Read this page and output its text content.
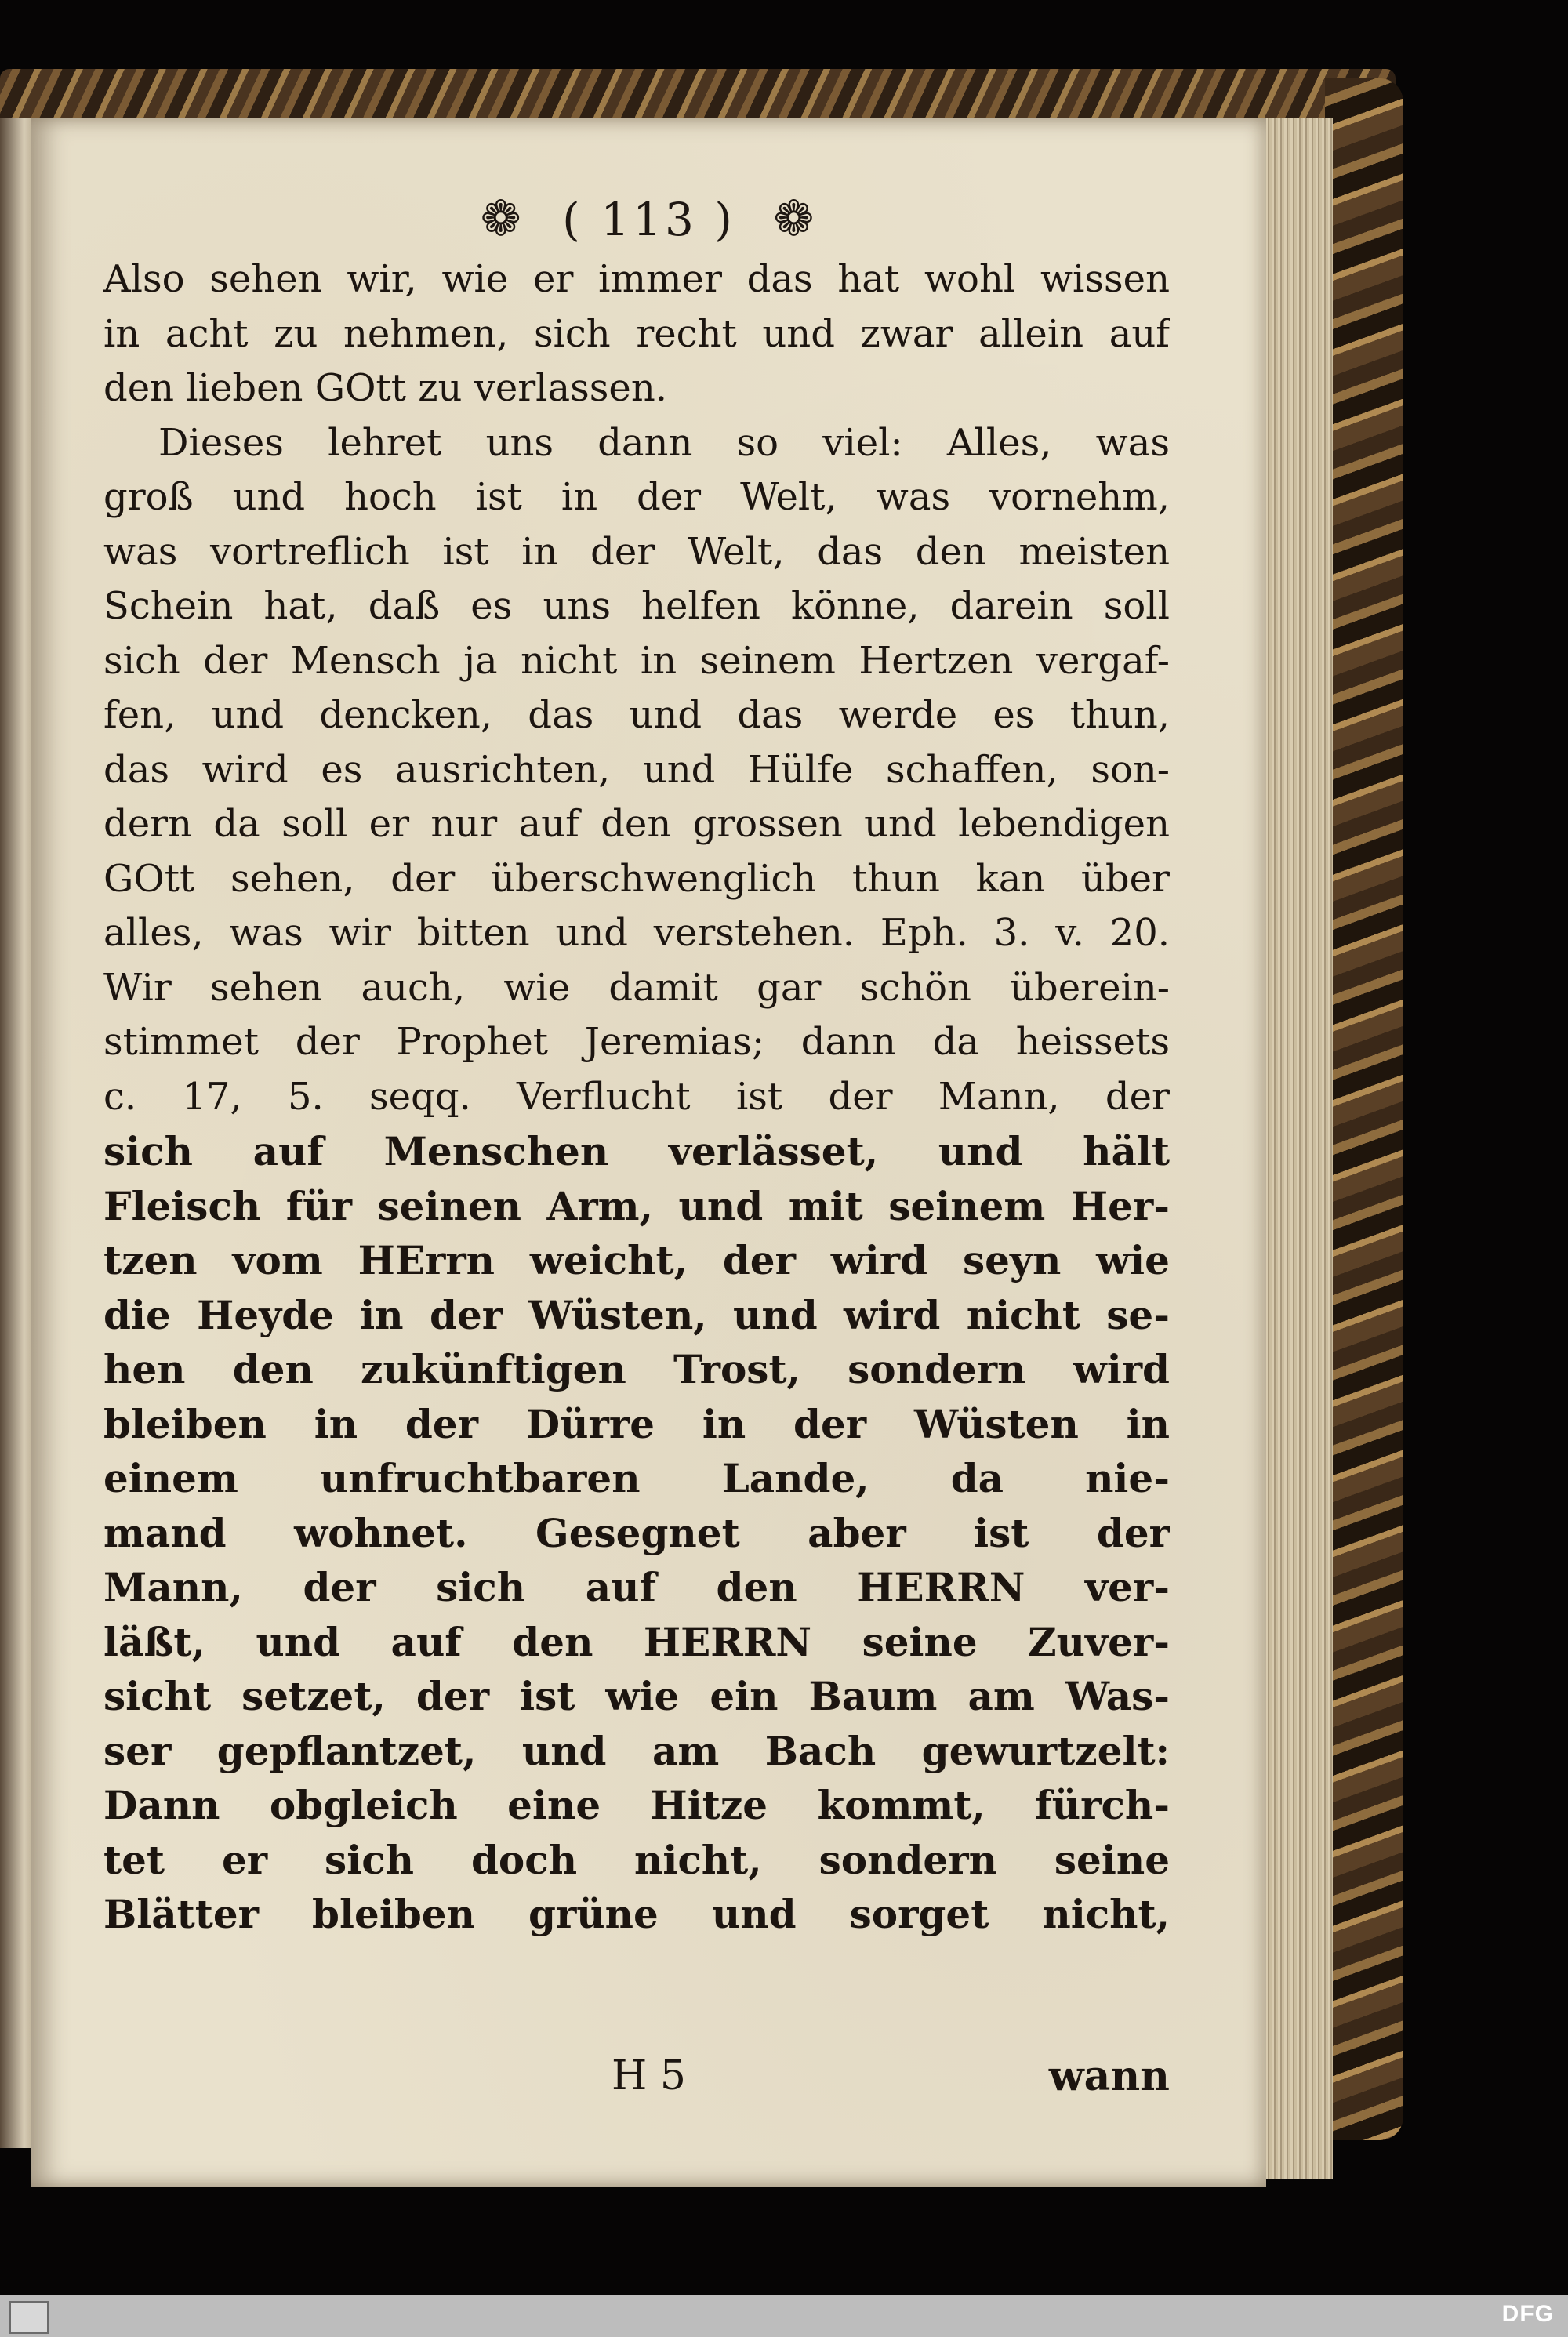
❁ ( 113 ) ❁
Also sehen wir, wie er immer das hat wohl wissen
in acht zu nehmen, sich recht und zwar allein auf
den lieben GOtt zu verlassen.
Dieses lehret uns dann so viel: Alles, was
groß und hoch ist in der Welt, was vornehm,
was vortreflich ist in der Welt, das den meisten
Schein hat, daß es uns helfen könne, darein soll
sich der Mensch ja nicht in seinem Hertzen vergaf-
fen, und dencken, das und das werde es thun,
das wird es ausrichten, und Hülfe schaffen, son-
dern da soll er nur auf den grossen und lebendigen
GOtt sehen, der überschwenglich thun kan über
alles, was wir bitten und verstehen. Eph. 3. v. 20.
Wir sehen auch, wie damit gar schön überein-
stimmet der Prophet Jeremias; dann da heissets
c. 17, 5. seqq. Verflucht ist der Mann, der
sich auf Menschen verlässet, und hält
Fleisch für seinen Arm, und mit seinem Her-
tzen vom HErrn weicht, der wird seyn wie
die Heyde in der Wüsten, und wird nicht se-
hen den zukünftigen Trost, sondern wird
bleiben in der Dürre in der Wüsten in
einem unfruchtbaren Lande, da nie-
mand wohnet. Gesegnet aber ist der
Mann, der sich auf den HERRN ver-
läßt, und auf den HERRN seine Zuver-
sicht setzet, der ist wie ein Baum am Was-
ser gepflantzet, und am Bach gewurtzelt:
Dann obgleich eine Hitze kommt, fürch-
tet er sich doch nicht, sondern seine
Blätter bleiben grüne und sorget nicht,
H 5	wann
DFG
